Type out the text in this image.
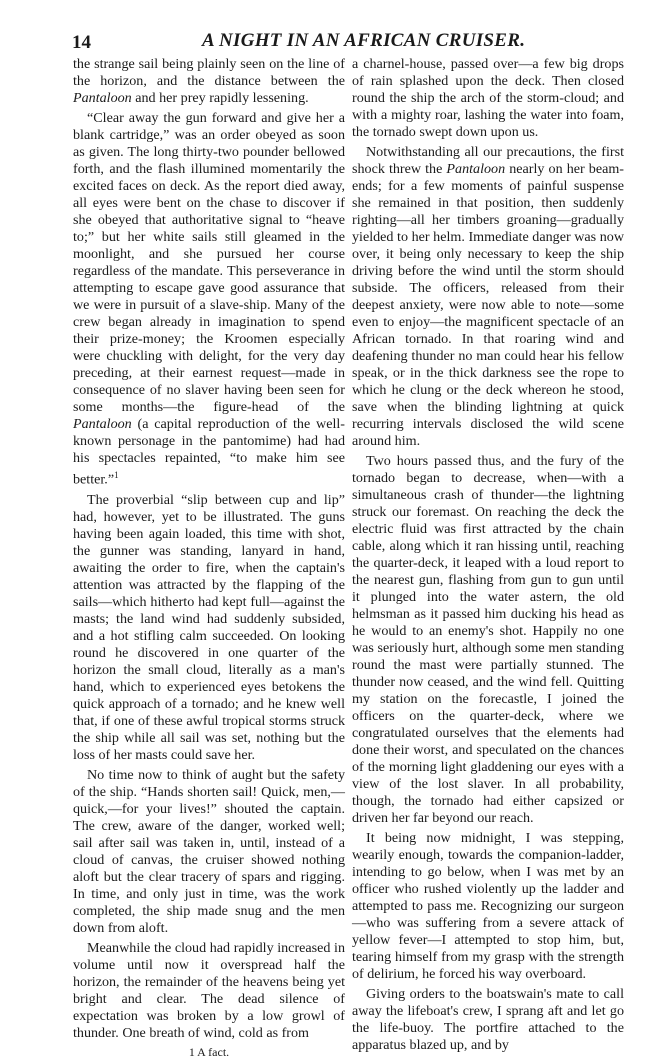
14	A NIGHT IN AN AFRICAN CRUISER.

the strange sail being plainly seen on the line of the horizon, and the distance between the Pantaloon and her prey rapidly lessening.

“Clear away the gun forward and give her a blank cartridge,” was an order obeyed as soon as given. The long thirty-two pounder bellowed forth, and the flash illumined momentarily the excited faces on deck. As the report died away, all eyes were bent on the chase to discover if she obeyed that authoritative signal to “heave to;” but her white sails still gleamed in the moonlight, and she pursued her course regardless of the mandate. This perseverance in attempting to escape gave good assurance that we were in pursuit of a slave-ship. Many of the crew began already in imagination to spend their prize-money; the Kroomen especially were chuckling with delight, for the very day preceding, at their earnest request—made in consequence of no slaver having been seen for some months—the figure-head of the Pantaloon (a capital reproduction of the well-known personage in the pantomime) had had his spectacles repainted, “to make him see better.”$^1$

The proverbial “slip between cup and lip” had, however, yet to be illustrated. The guns having been again loaded, this time with shot, the gunner was standing, lanyard in hand, awaiting the order to fire, when the captain's attention was attracted by the flapping of the sails—which hitherto had kept full—against the masts; the land wind had suddenly subsided, and a hot stifling calm succeeded. On looking round he discovered in one quarter of the horizon the small cloud, literally as a man's hand, which to experienced eyes betokens the quick approach of a tornado; and he knew well that, if one of these awful tropical storms struck the ship while all sail was set, nothing but the loss of her masts could save her.

No time now to think of aught but the safety of the ship. “Hands shorten sail! Quick, men,—quick,—for your lives!” shouted the captain. The crew, aware of the danger, worked well; sail after sail was taken in, until, instead of a cloud of canvas, the cruiser showed nothing aloft but the clear tracery of spars and rigging. In time, and only just in time, was the work completed, the ship made snug and the men down from aloft.

Meanwhile the cloud had rapidly increased in volume until now it overspread half the horizon, the remainder of the heavens being yet bright and clear. The dead silence of expectation was broken by a low growl of thunder. One breath of wind, cold as from

1 A fact.

a charnel-house, passed over—a few big drops of rain splashed upon the deck. Then closed round the ship the arch of the storm-cloud; and with a mighty roar, lashing the water into foam, the tornado swept down upon us.

Notwithstanding all our precautions, the first shock threw the Pantaloon nearly on her beam-ends; for a few moments of painful suspense she remained in that position, then suddenly righting—all her timbers groaning—gradually yielded to her helm. Immediate danger was now over, it being only necessary to keep the ship driving before the wind until the storm should subside. The officers, released from their deepest anxiety, were now able to note—some even to enjoy—the magnificent spectacle of an African tornado. In that roaring wind and deafening thunder no man could hear his fellow speak, or in the thick darkness see the rope to which he clung or the deck whereon he stood, save when the blinding lightning at quick recurring intervals disclosed the wild scene around him.

Two hours passed thus, and the fury of the tornado began to decrease, when—with a simultaneous crash of thunder—the lightning struck our foremast. On reaching the deck the electric fluid was first attracted by the chain cable, along which it ran hissing until, reaching the quarter-deck, it leaped with a loud report to the nearest gun, flashing from gun to gun until it plunged into the water astern, the old helmsman as it passed him ducking his head as he would to an enemy's shot. Happily no one was seriously hurt, although some men standing round the mast were partially stunned. The thunder now ceased, and the wind fell. Quitting my station on the forecastle, I joined the officers on the quarter-deck, where we congratulated ourselves that the elements had done their worst, and speculated on the chances of the morning light gladdening our eyes with a view of the lost slaver. In all probability, though, the tornado had either capsized or driven her far beyond our reach.

It being now midnight, I was stepping, wearily enough, towards the companion-ladder, intending to go below, when I was met by an officer who rushed violently up the ladder and attempted to pass me. Recognizing our surgeon—who was suffering from a severe attack of yellow fever—I attempted to stop him, but, tearing himself from my grasp with the strength of delirium, he forced his way overboard.

Giving orders to the boatswain's mate to call away the lifeboat's crew, I sprang aft and let go the life-buoy. The portfire attached to the apparatus blazed up, and by
